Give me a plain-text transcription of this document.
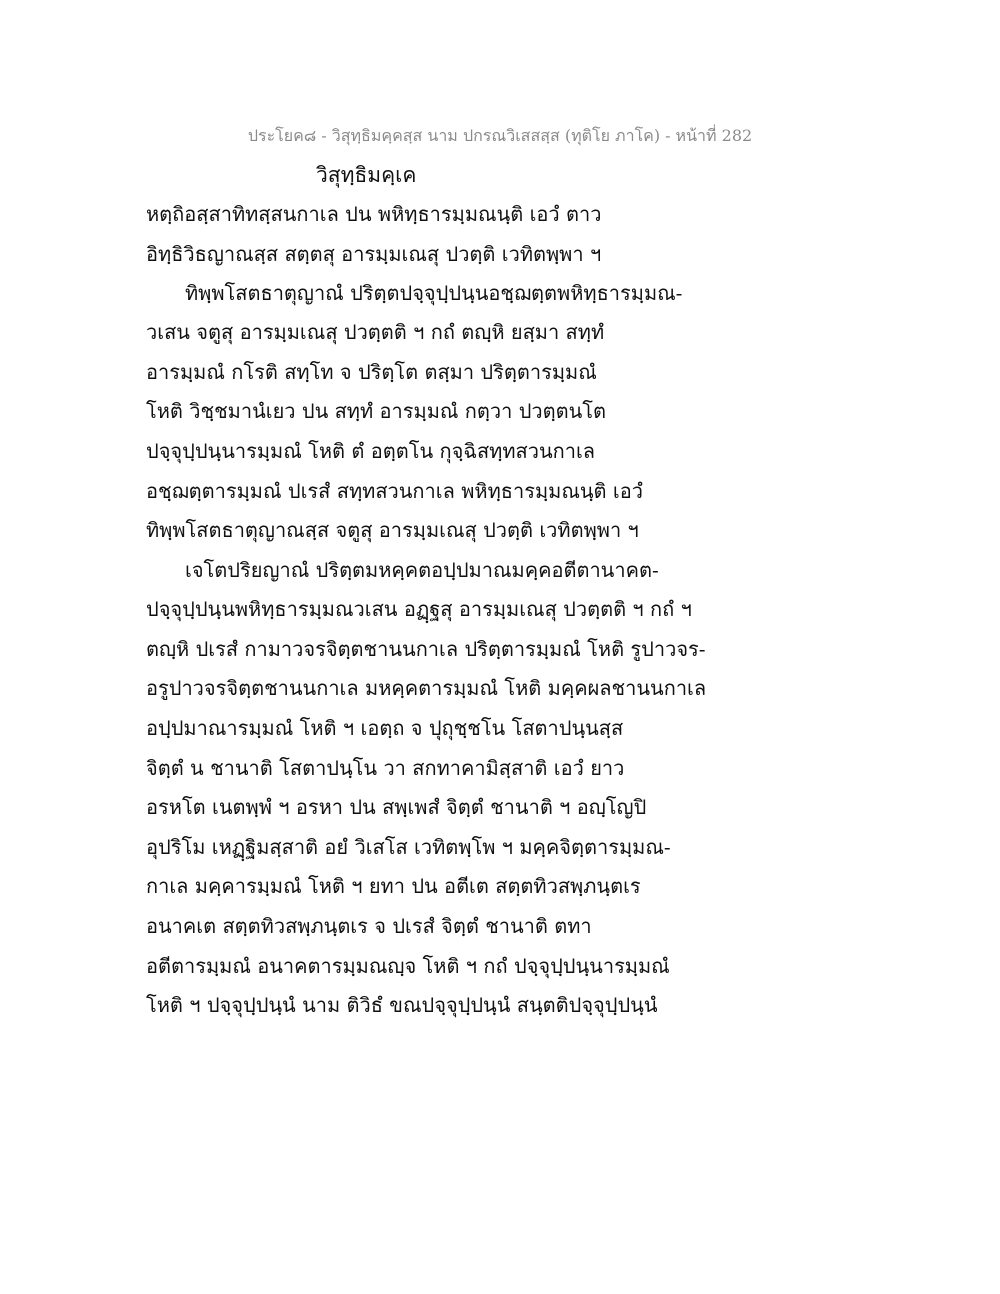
ประโยค๘ - วิสุทฺธิมคฺคสฺส นาม ปกรณวิเสสสฺส (ทุติโย ภาโค) - หน้าที่ 282
วิสุทฺธิมคฺเค
หตฺถิอสฺสาทิทสฺสนกาเล ปน พหิทฺธารมฺมณนฺติ เอวํ ตาว
อิทฺธิวิธญาณสฺส สตฺตสุ อารมฺมเณสุ ปวตฺติ เวทิตพฺพา ฯ
ทิพฺพโสตธาตุญาณํ ปริตฺตปจฺจุปฺปนฺนอชฺฌตฺตพหิทฺธารมฺมณ-
วเสน จตูสุ อารมฺมเณสุ ปวตฺตติ ฯ กถํ ตญฺหิ ยสฺมา สทฺทํ
อารมฺมณํ กโรติ สทฺโท จ ปริตฺโต ตสฺมา ปริตฺตารมฺมณํ
โหติ วิชฺชมานํเยว ปน สทฺทํ อารมฺมณํ กตฺวา ปวตฺตนโต
ปจฺจุปฺปนฺนารมฺมณํ โหติ ตํ อตฺตโน กุจฺฉิสทฺทสวนกาเล
อชฺฌตฺตารมฺมณํ ปเรสํ สทฺทสวนกาเล พหิทฺธารมฺมณนฺติ เอวํ
ทิพฺพโสตธาตุญาณสฺส จตูสุ อารมฺมเณสุ ปวตฺติ เวทิตพฺพา ฯ
เจโตปริยญาณํ ปริตฺตมหคฺคตอปฺปมาณมคฺคอตีตานาคต-
ปจฺจุปฺปนฺนพหิทฺธารมฺมณวเสน อฏฺฐสุ อารมฺมเณสุ ปวตฺตติ ฯ กถํ ฯ
ตญฺหิ ปเรสํ กามาวจรจิตฺตชานนกาเล ปริตฺตารมฺมณํ โหติ รูปาวจร-
อรูปาวจรจิตฺตชานนกาเล มหคฺคตารมฺมณํ โหติ มคฺคผลชานนกาเล
อปฺปมาณารมฺมณํ โหติ ฯ เอตฺถ จ ปุถุชฺชโน โสตาปนฺนสฺส
จิตฺตํ น ชานาติ โสตาปนฺโน วา สกทาคามิสฺสาติ เอวํ ยาว
อรหโต เนตพฺพํ ฯ อรหา ปน สพฺเพสํ จิตฺตํ ชานาติ ฯ อญฺโญปิ
อุปริโม เหฏฺฐิมสฺสาติ อยํ วิเสโส เวทิตพฺโพ ฯ มคฺคจิตฺตารมฺมณ-
กาเล มคฺคารมฺมณํ โหติ ฯ ยทา ปน อตีเต สตฺตทิวสพฺภนฺตเร
อนาคเต สตฺตทิวสพฺภนฺตเร จ ปเรสํ จิตฺตํ ชานาติ ตทา
อตีตารมฺมณํ อนาคตารมฺมณญฺจ โหติ ฯ กถํ ปจฺจุปฺปนฺนารมฺมณํ
โหติ ฯ ปจฺจุปฺปนฺนํ นาม ติวิธํ ขณปจฺจุปฺปนฺนํ สนฺตติปจฺจุปฺปนฺนํ
